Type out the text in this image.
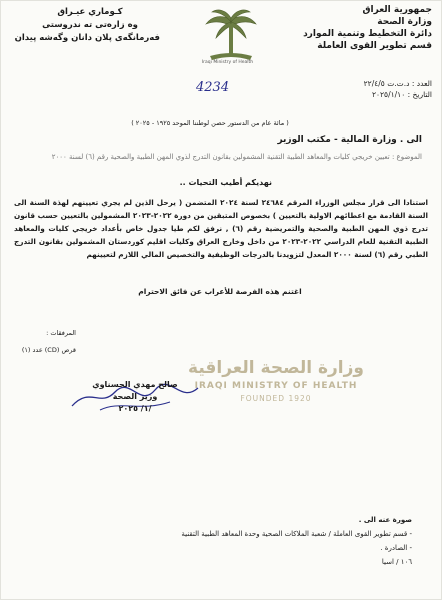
جمهورية العراق
وزارة الصحة
دائرة التخطيط وتنمية الموارد
قسم تطوير القوى العاملة
كـوماري عيـراق
وه زارەتى تە ندروستى
فەرمانگەی پلان دانان وگەشە پیدان
Iraqi Ministry of Health
العدد : د.ت.ت ٢٢/٤/٥
التاريخ : ٢٠٢٥/١/١٠
4234
( مائة عام من الدستور حصن لوطننا الموحد ١٩٢٥ - ٢٠٢٥ )
الى . وزارة المالية - مكتب الوزير
الموضوع : تعيين خريجي كليات والمعاهد الطبية التقنية المشمولين بقانون التدرج لذوي المهن الطبية والصحية رقم (٦) لسنة ٢٠٠٠
نهديكم أطيب التحيات ..
استنادا الى قرار مجلس الوزراء المرقم ٢٤٦٨٤ لسنة ٢٠٢٤ المتضمن ( يرحل الذين لم يجري تعيينهم لهذة السنة الى السنة القادمة مع اعطائهم الاولية بالتعيين ) بخصوص المتبقين من دورة ٢٠٢٢-٢٠٢٣ المشمولين بالتعيين حسب قانون تدرج ذوي المهن الطبية والصحية والتمريضية رقم (٦) , نرفق لكم طيا جدول خاص بأعداد خريجي كليات والمعاهد الطبية التقنية للعام الدراسي ٢٠٢٢-٢٠٢٣ من داخل وخارج العراق وكليات اقليم كوردستان المشمولين بقانون التدرج الطبي رقم (٦) لسنة ٢٠٠٠ المعدل لتزويدنا بالدرجات الوظيفية والتخصيص المالي اللازم لتعيينهم
اغتنم هذه الفرصة للأعراب عن فائق الاحترام
المرفقات :
قرص (CD) عدد (١)
وزارة الصحة العراقية
IRAQI MINISTRY OF HEALTH
FOUNDED 1920
صالح مهدي الحسناوي
وزير الصحة
/١/ ٢٠٢٥
صورة عنه الى .
- قسم تطوير القوى العاملة / شعبة الملاكات الصحية وحدة المعاهد الطبية التقنية
- الصادرة .
١٠٦ / اسيا
